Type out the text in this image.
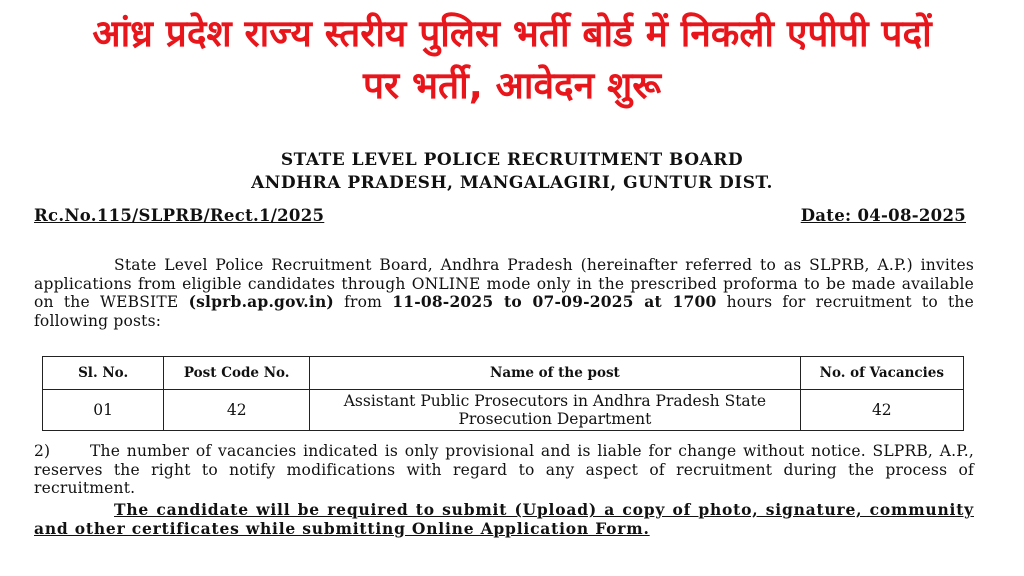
आंध्र प्रदेश राज्य स्तरीय पुलिस भर्ती बोर्ड में निकली एपीपी पदों
पर भर्ती, आवेदन शुरू
STATE LEVEL POLICE RECRUITMENT BOARD
ANDHRA PRADESH, MANGALAGIRI, GUNTUR DIST.
Rc.No.115/SLPRB/Rect.1/2025	Date: 04-08-2025
State Level Police Recruitment Board, Andhra Pradesh (hereinafter referred to as SLPRB, A.P.) invites applications from eligible candidates through ONLINE mode only in the prescribed proforma to be made available on the WEBSITE (slprb.ap.gov.in) from 11-08-2025 to 07-09-2025 at 1700 hours for recruitment to the following posts:
Sl. No.	Post Code No.	Name of the post	No. of Vacancies
01	42	Assistant Public Prosecutors in Andhra Pradesh State Prosecution Department	42
2)	The number of vacancies indicated is only provisional and is liable for change without notice. SLPRB, A.P., reserves the right to notify modifications with regard to any aspect of recruitment during the process of recruitment.
The candidate will be required to submit (Upload) a copy of photo, signature, community and other certificates while submitting Online Application Form.
